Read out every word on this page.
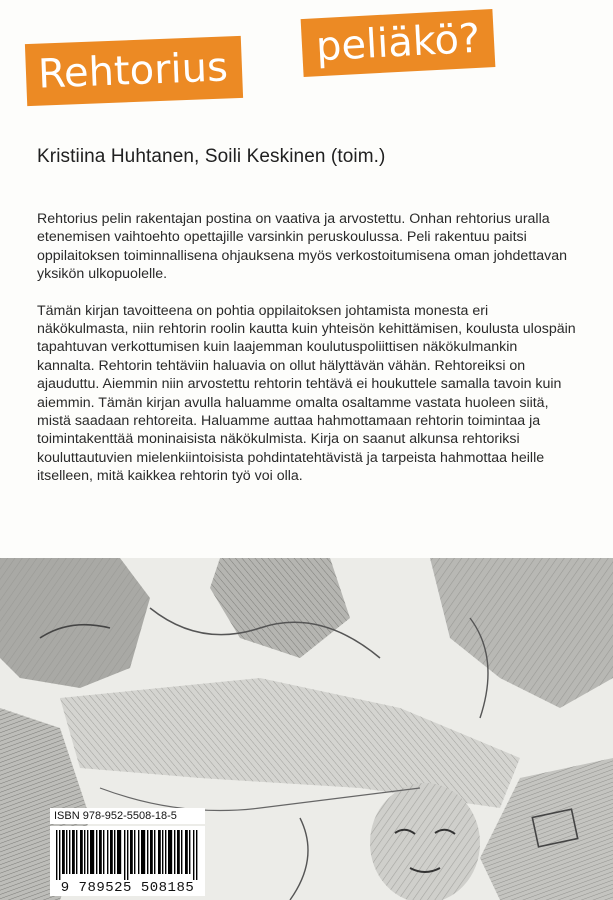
Rehtorius
peliäkö?
Kristiina Huhtanen, Soili Keskinen (toim.)

Rehtorius pelin rakentajan postina on vaativa ja arvostettu. Onhan rehtorius uralla etenemisen vaihtoehto opettajille varsinkin peruskoulussa. Peli rakentuu paitsi oppilaitoksen toiminnallisena ohjauksena myös verkostoitumisena oman johdettavan yksikön ulkopuolelle.

Tämän kirjan tavoitteena on pohtia oppilaitoksen johtamista monesta eri näkökulmasta, niin rehtorin roolin kautta kuin yhteisön kehittämisen, koulusta ulospäin tapahtuvan verkottumisen kuin laajemman koulutuspoliittisen näkökulmankin kannalta. Rehtorin tehtäviin haluavia on ollut hälyttävän vähän. Rehtoreiksi on ajauduttu. Aiemmin niin arvostettu rehtorin tehtävä ei houkuttele samalla tavoin kuin aiemmin. Tämän kirjan avulla haluamme omalta osaltamme vastata huoleen siitä, mistä saadaan rehtoreita. Haluamme auttaa hahmottamaan rehtorin toimintaa ja toimintakenttää moninaisista näkökulmista. Kirja on saanut alkunsa rehtoriksi kouluttautuvien mielenkiintoisista pohdintatehtävistä ja tarpeista hahmottaa heille itselleen, mitä kaikkea rehtorin työ voi olla.

ISBN 978-952-5508-18-5
9 789525 508185
